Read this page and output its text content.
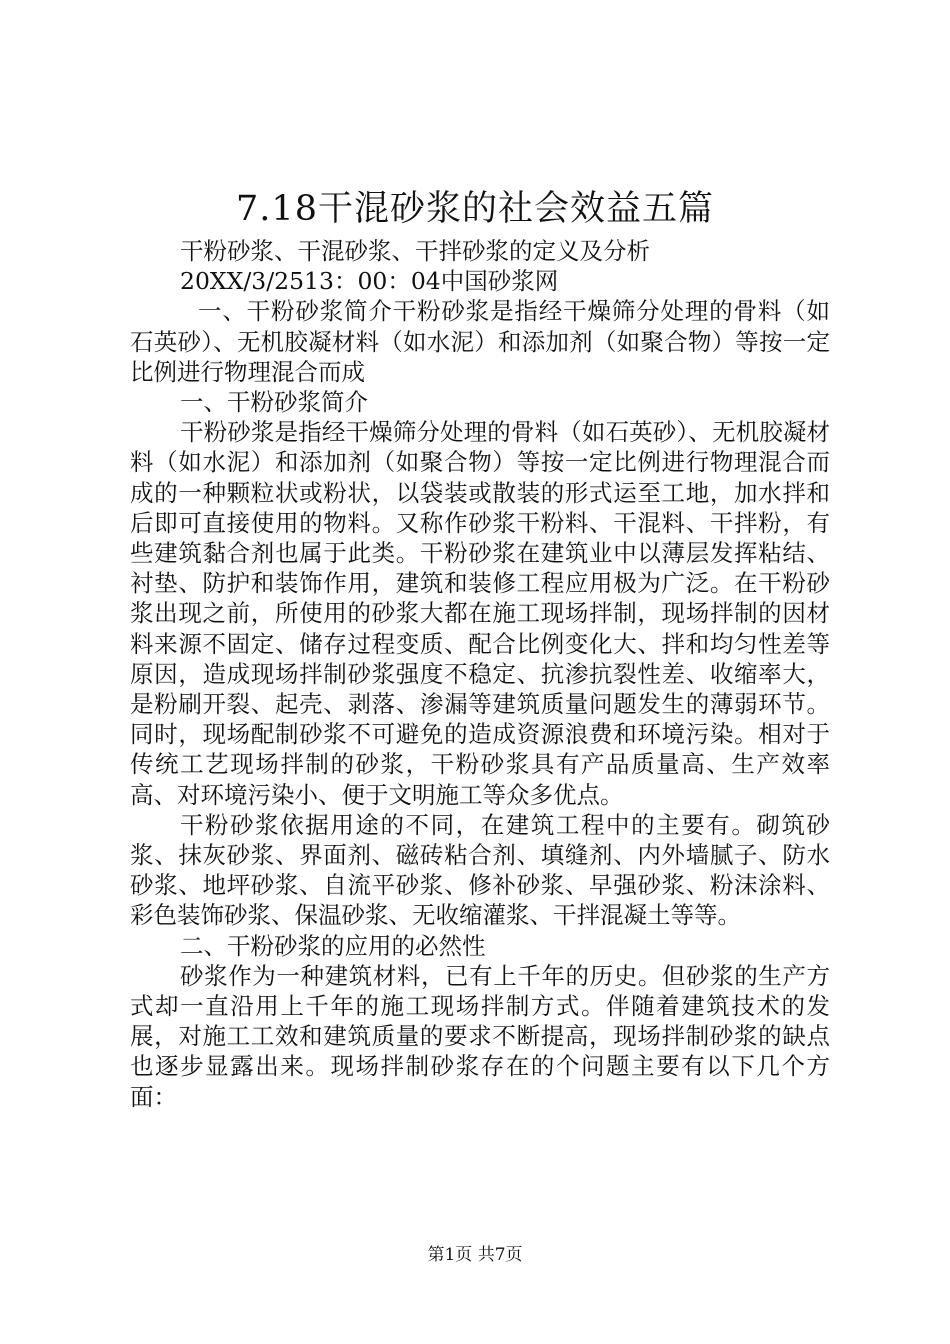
7.18干混砂浆的社会效益五篇

干粉砂浆、干混砂浆、干拌砂浆的定义及分析

20XX/3/2513：00：04中国砂浆网

一、干粉砂浆简介干粉砂浆是指经干燥筛分处理的骨料（如石英砂）、无机胶凝材料（如水泥）和添加剂（如聚合物）等按一定比例进行物理混合而成

一、干粉砂浆简介

干粉砂浆是指经干燥筛分处理的骨料（如石英砂）、无机胶凝材料（如水泥）和添加剂（如聚合物）等按一定比例进行物理混合而成的一种颗粒状或粉状，以袋装或散装的形式运至工地，加水拌和后即可直接使用的物料。又称作砂浆干粉料、干混料、干拌粉，有些建筑黏合剂也属于此类。干粉砂浆在建筑业中以薄层发挥粘结、衬垫、防护和装饰作用，建筑和装修工程应用极为广泛。在干粉砂浆出现之前，所使用的砂浆大都在施工现场拌制，现场拌制的因材料来源不固定、储存过程变质、配合比例变化大、拌和均匀性差等原因，造成现场拌制砂浆强度不稳定、抗渗抗裂性差、收缩率大，是粉刷开裂、起壳、剥落、渗漏等建筑质量问题发生的薄弱环节。同时，现场配制砂浆不可避免的造成资源浪费和环境污染。相对于传统工艺现场拌制的砂浆，干粉砂浆具有产品质量高、生产效率高、对环境污染小、便于文明施工等众多优点。

干粉砂浆依据用途的不同，在建筑工程中的主要有。砌筑砂浆、抹灰砂浆、界面剂、磁砖粘合剂、填缝剂、内外墙腻子、防水砂浆、地坪砂浆、自流平砂浆、修补砂浆、早强砂浆、粉沫涂料、彩色装饰砂浆、保温砂浆、无收缩灌浆、干拌混凝土等等。

二、干粉砂浆的应用的必然性

砂浆作为一种建筑材料，已有上千年的历史。但砂浆的生产方式却一直沿用上千年的施工现场拌制方式。伴随着建筑技术的发展，对施工工效和建筑质量的要求不断提高，现场拌制砂浆的缺点也逐步显露出来。现场拌制砂浆存在的个问题主要有以下几个方面：

第1页 共7页
